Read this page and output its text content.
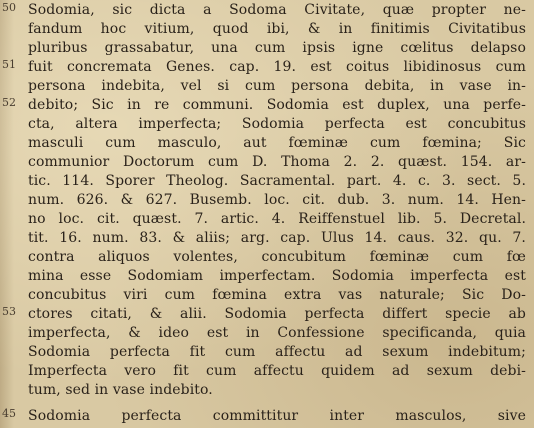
50 Sodomia, sic dicta a Sodoma Civitate, quæ propter ne-
fandum hoc vitium, quod ibi, & in finitimis Civitatibus
pluribus grassabatur, una cum ipsis igne cœlitus delapso
51 fuit concremata Genes. cap. 19. est coitus libidinosus cum
persona indebita, vel si cum persona debita, in vase in-
52 debito; Sic in re communi. Sodomia est duplex, una perfe-
cta, altera imperfecta; Sodomia perfecta est concubitus
masculi cum masculo, aut fœminæ cum fœmina; Sic
communior Doctorum cum D. Thoma 2. 2. quæst. 154. ar-
tic. 114. Sporer Theolog. Sacramental. part. 4. c. 3. sect. 5.
num. 626. & 627. Busemb. loc. cit. dub. 3. num. 14. Hen-
no loc. cit. quæst. 7. artic. 4. Reiffenstuel lib. 5. Decretal.
tit. 16. num. 83. & aliis; arg. cap. Ulus 14. caus. 32. qu. 7.
contra aliquos volentes, concubitum fœminæ cum fœ
mina esse Sodomiam imperfectam. Sodomia imperfecta est
concubitus viri cum fœmina extra vas naturale; Sic Do-
53 ctores citati, & alii. Sodomia perfecta differt specie ab
imperfecta, & ideo est in Confessione specificanda, quia
Sodomia perfecta fit cum affectu ad sexum indebitum;
Imperfecta vero fit cum affectu quidem ad sexum debi-
tum, sed in vase indebito.
45 Sodomia perfecta committitur inter masculos, sive
